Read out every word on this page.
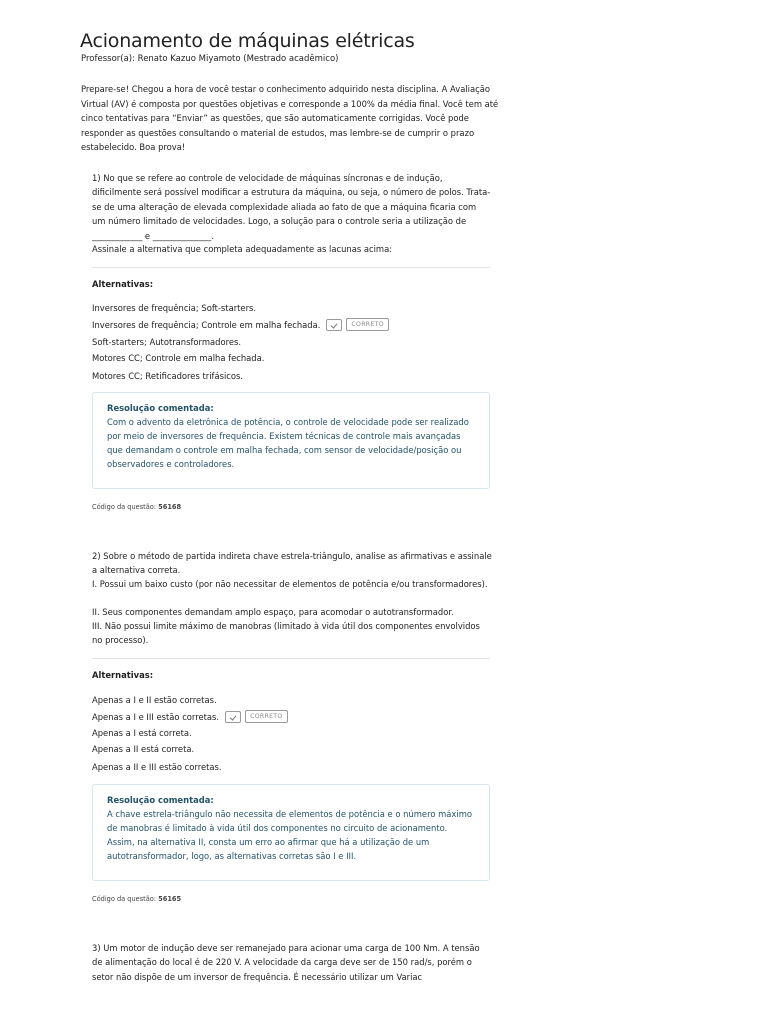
Acionamento de máquinas elétricas
Professor(a): Renato Kazuo Miyamoto (Mestrado acadêmico)

Prepare-se! Chegou a hora de você testar o conhecimento adquirido nesta disciplina. A Avaliação Virtual (AV) é composta por questões objetivas e corresponde a 100% da média final. Você tem até cinco tentativas para “Enviar” as questões, que são automaticamente corrigidas. Você pode responder as questões consultando o material de estudos, mas lembre-se de cumprir o prazo estabelecido. Boa prova!

1) No que se refere ao controle de velocidade de máquinas síncronas e de indução, dificilmente será possível modificar a estrutura da máquina, ou seja, o número de polos. Trata-se de uma alteração de elevada complexidade aliada ao fato de que a máquina ficaria com um número limitado de velocidades. Logo, a solução para o controle seria a utilização de ____________ e ______________.

Assinale a alternativa que completa adequadamente as lacunas acima:

Alternativas:
Inversores de frequência; Soft-starters.
Inversores de frequência; Controle em malha fechada.	CORRETO
Soft-starters; Autotransformadores.
Motores CC; Controle em malha fechada.
Motores CC; Retificadores trifásicos.
Resolução comentada:
Com o advento da eletrônica de potência, o controle de velocidade pode ser realizado por meio de inversores de frequência. Existem técnicas de controle mais avançadas que demandam o controle em malha fechada, com sensor de velocidade/posição ou observadores e controladores.
Código da questão: 56168

2) Sobre o método de partida indireta chave estrela-triângulo, analise as afirmativas e assinale a alternativa correta.

I. Possui um baixo custo (por não necessitar de elementos de potência e/ou transformadores).

II. Seus componentes demandam amplo espaço, para acomodar o autotransformador.

III. Não possui limite máximo de manobras (limitado à vida útil dos componentes envolvidos no processo).

Alternativas:
Apenas a I e II estão corretas.
Apenas a I e III estão corretas.	CORRETO
Apenas a I está correta.
Apenas a II está correta.
Apenas a II e III estão corretas.
Resolução comentada:
A chave estrela-triângulo não necessita de elementos de potência e o número máximo de manobras é limitado à vida útil dos componentes no circuito de acionamento. Assim, na alternativa II, consta um erro ao afirmar que há a utilização de um autotransformador, logo, as alternativas corretas são I e III.
Código da questão: 56165

3) Um motor de indução deve ser remanejado para acionar uma carga de 100 Nm. A tensão de alimentação do local é de 220 V. A velocidade da carga deve ser de 150 rad/s, porém o setor não dispõe de um inversor de frequência. É necessário utilizar um Variac
